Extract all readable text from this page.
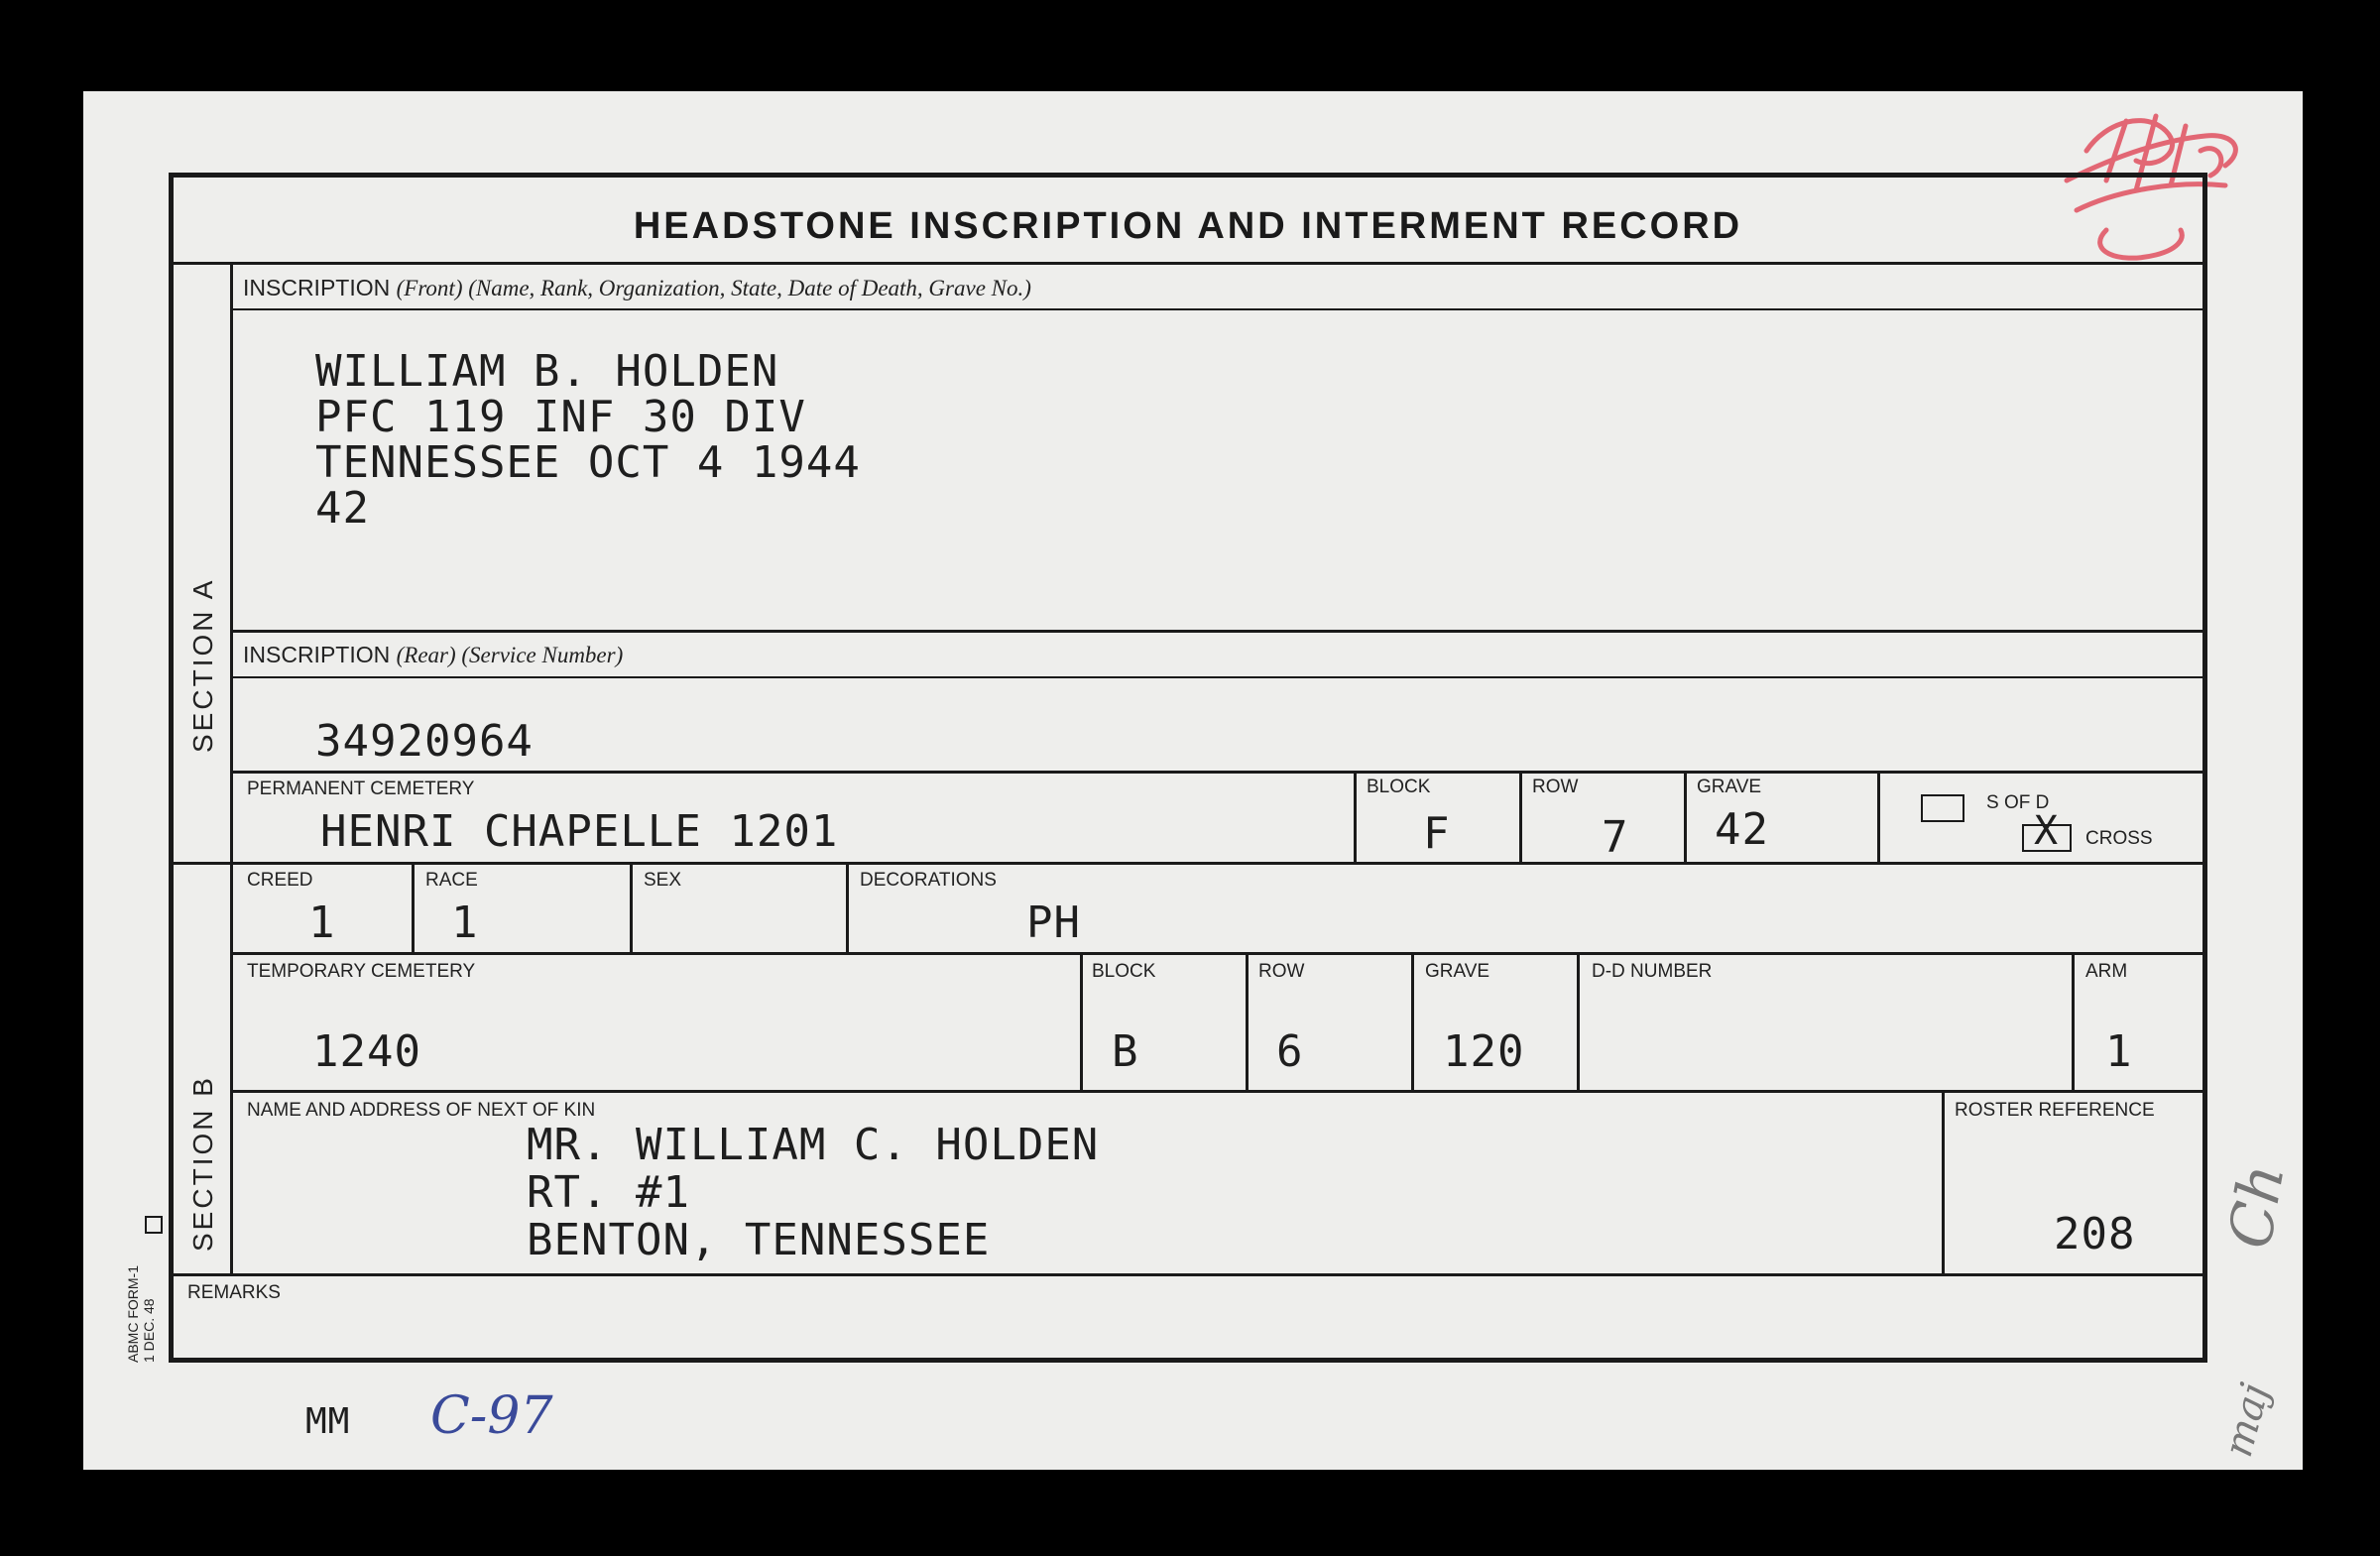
HEADSTONE INSCRIPTION AND INTERMENT RECORD
SECTION A
SECTION B
INSCRIPTION (Front) (Name, Rank, Organization, State, Date of Death, Grave No.)
WILLIAM B. HOLDEN
PFC 119 INF 30 DIV
TENNESSEE OCT 4 1944
42
INSCRIPTION (Rear) (Service Number)
34920964
PERMANENT CEMETERY
HENRI CHAPELLE 1201
BLOCK
F
ROW
7
GRAVE
42
S OF D
X CROSS
CREED
1
RACE
1
SEX	DECORATIONS
PH
TEMPORARY CEMETERY
1240
BLOCK
B
ROW
6
GRAVE
120
D-D NUMBER	ARM
1
NAME AND ADDRESS OF NEXT OF KIN
MR. WILLIAM C. HOLDEN
RT. #1
BENTON, TENNESSEE
ROSTER REFERENCE
208
REMARKS
ABMC FORM-1 1 DEC. 48
MM C-97
Ch
maj
